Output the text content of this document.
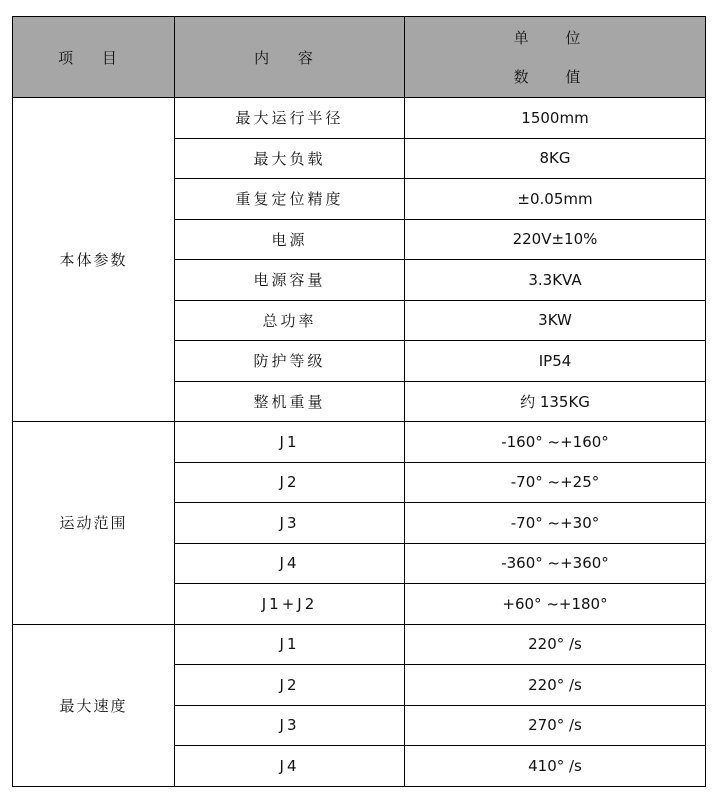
项 目	内 容	单 位
数 值

本体参数	最大运行半径	1500mm
	最大负载	8KG
	重复定位精度	±0.05mm
	电源	220V±10%
	电源容量	3.3KVA
	总功率	3KW
	防护等级	IP54
	整机重量	约 135KG
运动范围	J1	-160° ~+160°
	J2	-70° ~+25°
	J3	-70° ~+30°
	J4	-360° ~+360°
	J1+J2	+60° ~+180°
最大速度	J1	220° /s
	J2	220° /s
	J3	270° /s
	J4	410° /s
